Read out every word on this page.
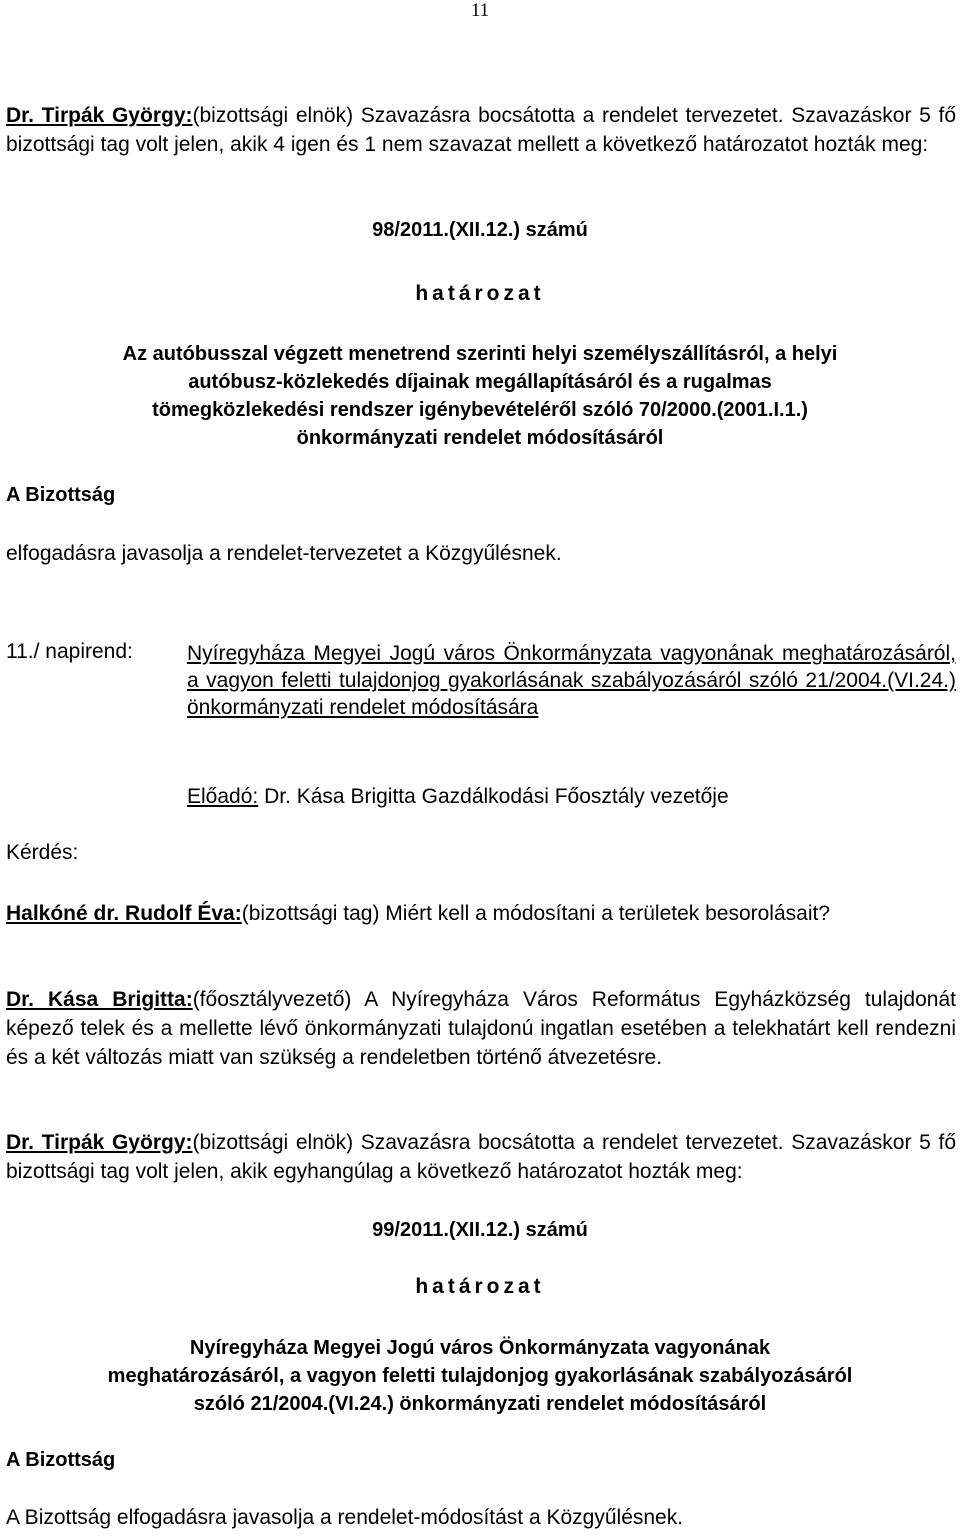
11

Dr. Tirpák György:(bizottsági elnök) Szavazásra bocsátotta a rendelet tervezetet. Szavazáskor 5 fő bizottsági tag volt jelen, akik 4 igen és 1 nem szavazat mellett a következő határozatot hozták meg:

98/2011.(XII.12.) számú
határozat
Az autóbusszal végzett menetrend szerinti helyi személyszállításról, a helyi
autóbusz-közlekedés díjainak megállapításáról és a rugalmas
tömegközlekedési rendszer igénybevételéről szóló 70/2000.(2001.I.1.)
önkormányzati rendelet módosításáról
A Bizottság
elfogadásra javasolja a rendelet-tervezetet a Közgyűlésnek.
11./ napirend:	Nyíregyháza Megyei Jogú város Önkormányzata vagyonának meghatározásáról, a vagyon feletti tulajdonjog gyakorlásának szabályozásáról szóló 21/2004.(VI.24.) önkormányzati rendelet módosítására

Előadó: Dr. Kása Brigitta Gazdálkodási Főosztály vezetője
Kérdés:

Halkóné dr. Rudolf Éva:(bizottsági tag) Miért kell a módosítani a területek besorolásait?

Dr. Kása Brigitta:(főosztályvezető) A Nyíregyháza Város Református Egyházközség tulajdonát képező telek és a mellette lévő önkormányzati tulajdonú ingatlan esetében a telekhatárt kell rendezni és a két változás miatt van szükség a rendeletben történő átvezetésre.

Dr. Tirpák György:(bizottsági elnök) Szavazásra bocsátotta a rendelet tervezetet. Szavazáskor 5 fő bizottsági tag volt jelen, akik egyhangúlag a következő határozatot hozták meg:

99/2011.(XII.12.) számú
határozat
Nyíregyháza Megyei Jogú város Önkormányzata vagyonának
meghatározásáról, a vagyon feletti tulajdonjog gyakorlásának szabályozásáról
szóló 21/2004.(VI.24.) önkormányzati rendelet módosításáról
A Bizottság
A Bizottság elfogadásra javasolja a rendelet-módosítást a Közgyűlésnek.
